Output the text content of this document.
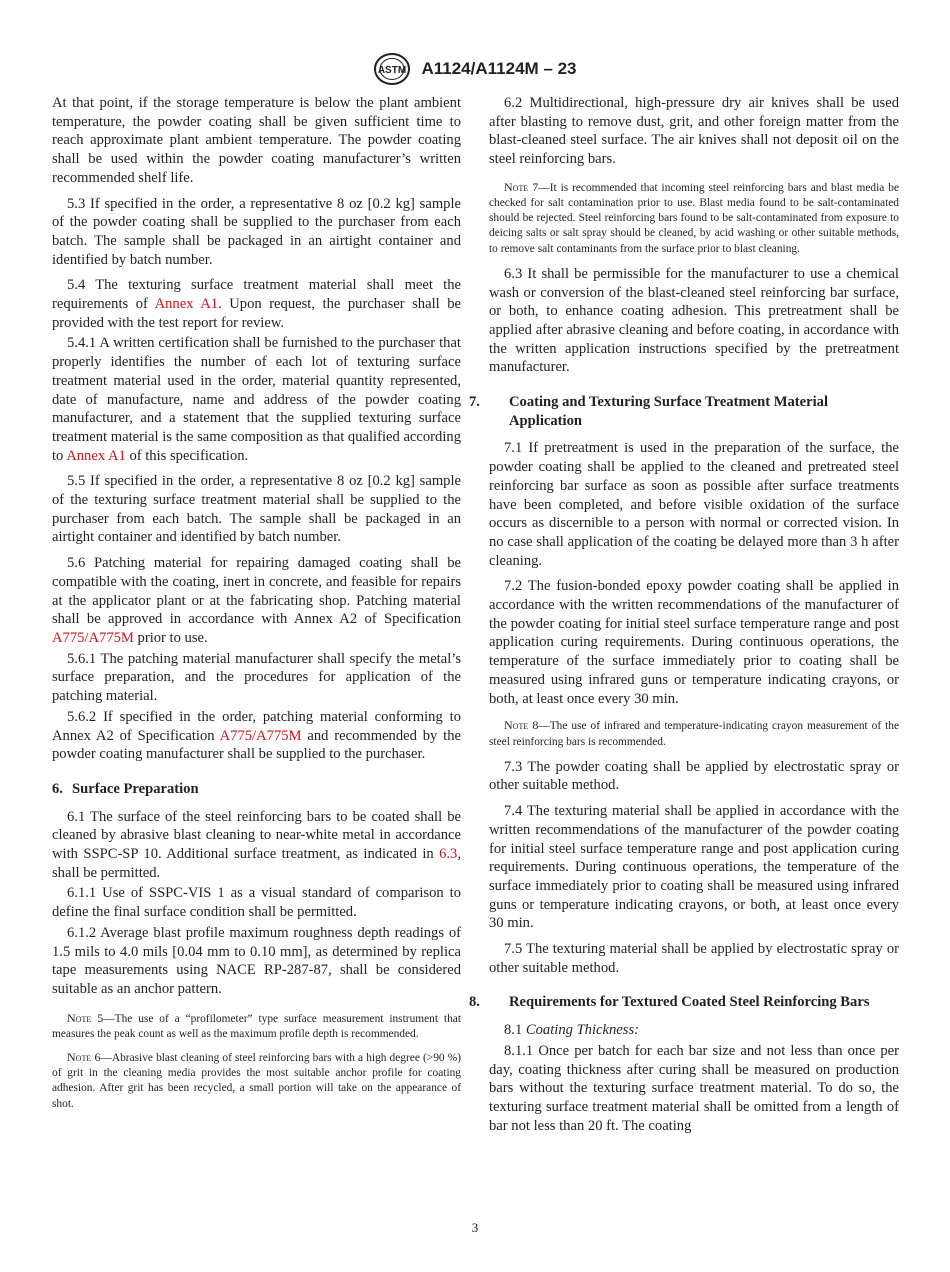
ASTM A1124/A1124M – 23

At that point, if the storage temperature is below the plant ambient temperature, the powder coating shall be given sufficient time to reach approximate plant ambient temperature. The powder coating shall be used within the powder coating manufacturer’s written recommended shelf life.

5.3 If specified in the order, a representative 8 oz [0.2 kg] sample of the powder coating shall be supplied to the purchaser from each batch. The sample shall be packaged in an airtight container and identified by batch number.

5.4 The texturing surface treatment material shall meet the requirements of Annex A1. Upon request, the purchaser shall be provided with the test report for review.

5.4.1 A written certification shall be furnished to the purchaser that properly identifies the number of each lot of texturing surface treatment material used in the order, material quantity represented, date of manufacture, name and address of the powder coating manufacturer, and a statement that the supplied texturing surface treatment material is the same composition as that qualified according to Annex A1 of this specification.

5.5 If specified in the order, a representative 8 oz [0.2 kg] sample of the texturing surface treatment material shall be supplied to the purchaser from each batch. The sample shall be packaged in an airtight container and identified by batch number.

5.6 Patching material for repairing damaged coating shall be compatible with the coating, inert in concrete, and feasible for repairs at the applicator plant or at the fabricating shop. Patching material shall be approved in accordance with Annex A2 of Specification A775/A775M prior to use.

5.6.1 The patching material manufacturer shall specify the metal’s surface preparation, and the procedures for application of the patching material.

5.6.2 If specified in the order, patching material conforming to Annex A2 of Specification A775/A775M and recommended by the powder coating manufacturer shall be supplied to the purchaser.

6. Surface Preparation

6.1 The surface of the steel reinforcing bars to be coated shall be cleaned by abrasive blast cleaning to near-white metal in accordance with SSPC-SP 10. Additional surface treatment, as indicated in 6.3, shall be permitted.

6.1.1 Use of SSPC-VIS 1 as a visual standard of comparison to define the final surface condition shall be permitted.

6.1.2 Average blast profile maximum roughness depth readings of 1.5 mils to 4.0 mils [0.04 mm to 0.10 mm], as determined by replica tape measurements using NACE RP-287-87, shall be considered suitable as an anchor pattern.

Note 5—The use of a “profilometer” type surface measurement instrument that measures the peak count as well as the maximum profile depth is recommended.

Note 6—Abrasive blast cleaning of steel reinforcing bars with a high degree (>90 %) of grit in the cleaning media provides the most suitable anchor profile for coating adhesion. After grit has been recycled, a small portion will take on the appearance of shot.

6.2 Multidirectional, high-pressure dry air knives shall be used after blasting to remove dust, grit, and other foreign matter from the blast-cleaned steel surface. The air knives shall not deposit oil on the steel reinforcing bars.

Note 7—It is recommended that incoming steel reinforcing bars and blast media be checked for salt contamination prior to use. Blast media found to be salt-contaminated should be rejected. Steel reinforcing bars found to be salt-contaminated from exposure to deicing salts or salt spray should be cleaned, by acid washing or other suitable methods, to remove salt contaminants from the surface prior to blast cleaning.

6.3 It shall be permissible for the manufacturer to use a chemical wash or conversion of the blast-cleaned steel reinforcing bar surface, or both, to enhance coating adhesion. This pretreatment shall be applied after abrasive cleaning and before coating, in accordance with the written application instructions specified by the pretreatment manufacturer.

7. Coating and Texturing Surface Treatment Material Application

7.1 If pretreatment is used in the preparation of the surface, the powder coating shall be applied to the cleaned and pretreated steel reinforcing bar surface as soon as possible after surface treatments have been completed, and before visible oxidation of the surface occurs as discernible to a person with normal or corrected vision. In no case shall application of the coating be delayed more than 3 h after cleaning.

7.2 The fusion-bonded epoxy powder coating shall be applied in accordance with the written recommendations of the manufacturer of the powder coating for initial steel surface temperature range and post application curing requirements. During continuous operations, the temperature of the surface immediately prior to coating shall be measured using infrared guns or temperature indicating crayons, or both, at least once every 30 min.

Note 8—The use of infrared and temperature-indicating crayon measurement of the steel reinforcing bars is recommended.

7.3 The powder coating shall be applied by electrostatic spray or other suitable method.

7.4 The texturing material shall be applied in accordance with the written recommendations of the manufacturer of the powder coating for initial steel surface temperature range and post application curing requirements. During continuous operations, the temperature of the surface immediately prior to coating shall be measured using infrared guns or temperature indicating crayons, or both, at least once every 30 min.

7.5 The texturing material shall be applied by electrostatic spray or other suitable method.

8. Requirements for Textured Coated Steel Reinforcing Bars

8.1 Coating Thickness:

8.1.1 Once per batch for each bar size and not less than once per day, coating thickness after curing shall be measured on production bars without the texturing surface treatment material. To do so, the texturing surface treatment material shall be omitted from a length of bar not less than 20 ft. The coating

3
